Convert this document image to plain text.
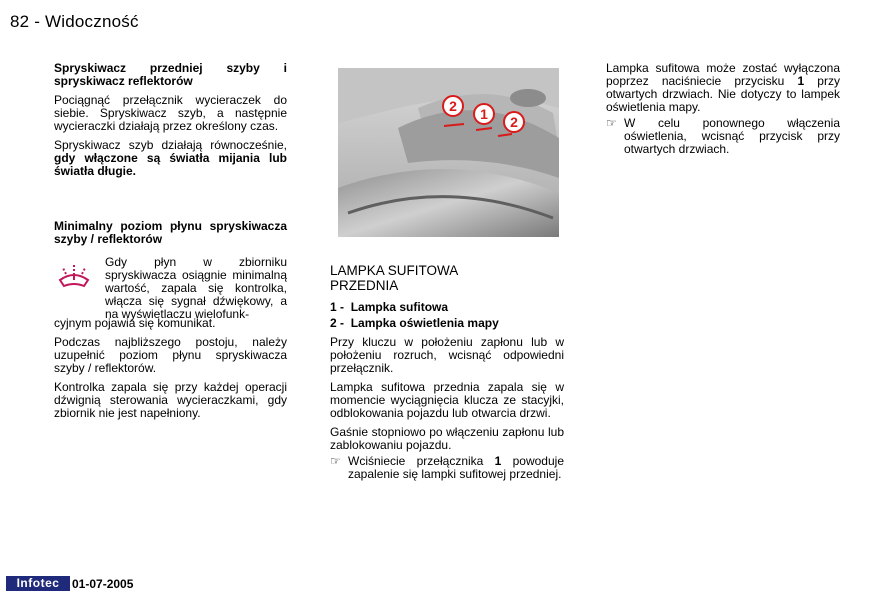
82 - Widoczność

Spryskiwacz przedniej szyby i spryskiwacz reflektorów

Pociągnąć przełącznik wycieraczek do siebie. Spryskiwacz szyb, a następnie wycieraczki działają przez określony czas.

Spryskiwacz szyb działają równocześnie, gdy włączone są światła mijania lub światła długie.

Minimalny poziom płynu spryskiwacza szyby / reflektorów

Gdy płyn w zbiorniku spryskiwacza osiągnie minimalną wartość, zapala się kontrolka, włącza się sygnał dźwiękowy, a na wyświetlaczu wielofunk-

cyjnym pojawia się komunikat.

Podczas najbliższego postoju, należy uzupełnić poziom płynu spryskiwacza szyby / reflektorów.

Kontrolka zapala się przy każdej operacji dźwignią sterowania wycieraczkami, gdy zbiornik nie jest napełniony.

2 1 2
LAMPKA SUFITOWA
PRZEDNIA
1 - Lampka sufitowa
2 - Lampka oświetlenia mapy

Przy kluczu w położeniu zapłonu lub w położeniu rozruch, wcisnąć odpowiedni przełącznik.

Lampka sufitowa przednia zapala się w momencie wyciągnięcia klucza ze stacyjki, odblokowania pojazdu lub otwarcia drzwi.

Gaśnie stopniowo po włączeniu zapłonu lub zablokowaniu pojazdu.

☞ Wciśniecie przełącznika 1 powoduje zapalenie się lampki sufitowej przedniej.

Lampka sufitowa może zostać wyłączona poprzez naciśniecie przycisku 1 przy otwartych drzwiach. Nie dotyczy to lampek oświetlenia mapy.

☞ W celu ponownego włączenia oświetlenia, wcisnąć przycisk przy otwartych drzwiach.
Infotec	01-07-2005
